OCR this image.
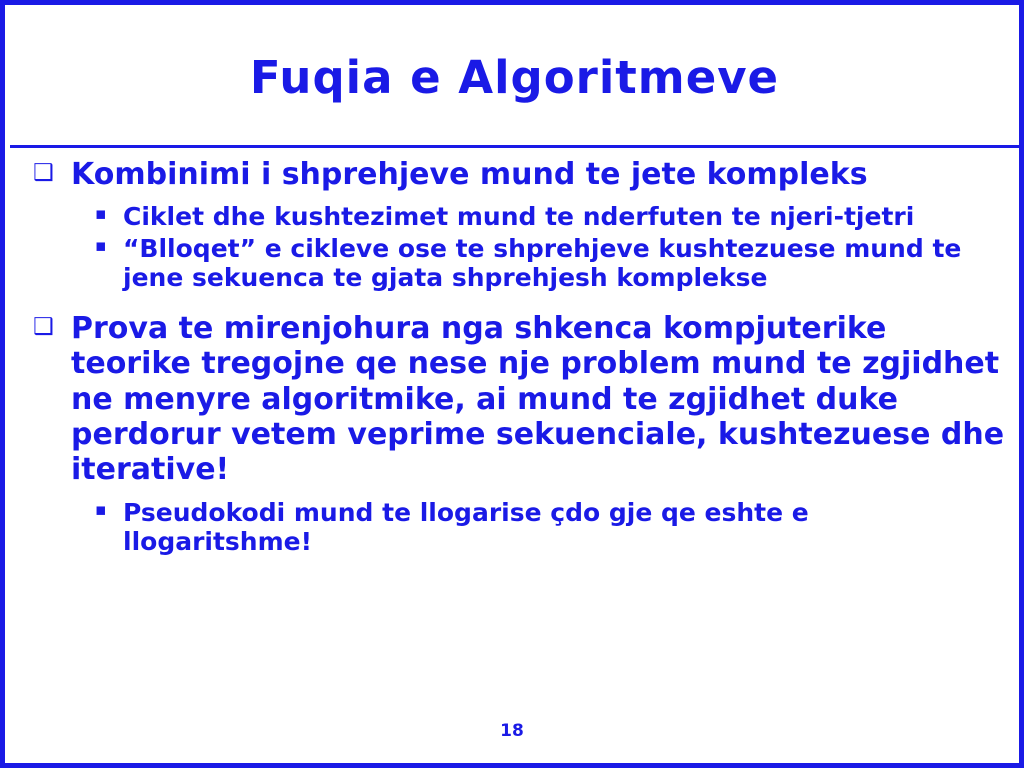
Fuqia e Algoritmeve
❑ Kombinimi i shprehjeve mund te jete kompleks
▪ Ciklet dhe kushtezimet mund te nderfuten te njeri-tjetri
▪ “Blloqet” e cikleve ose te shprehjeve kushtezuese mund te jene sekuenca te gjata shprehjesh komplekse
❑ Prova te mirenjohura nga shkenca kompjuterike teorike tregojne qe nese nje problem mund te zgjidhet ne menyre algoritmike, ai mund te zgjidhet duke perdorur vetem veprime sekuenciale, kushtezuese dhe iterative!
▪ Pseudokodi mund te llogarise çdo gje qe eshte e llogaritshme!
18
